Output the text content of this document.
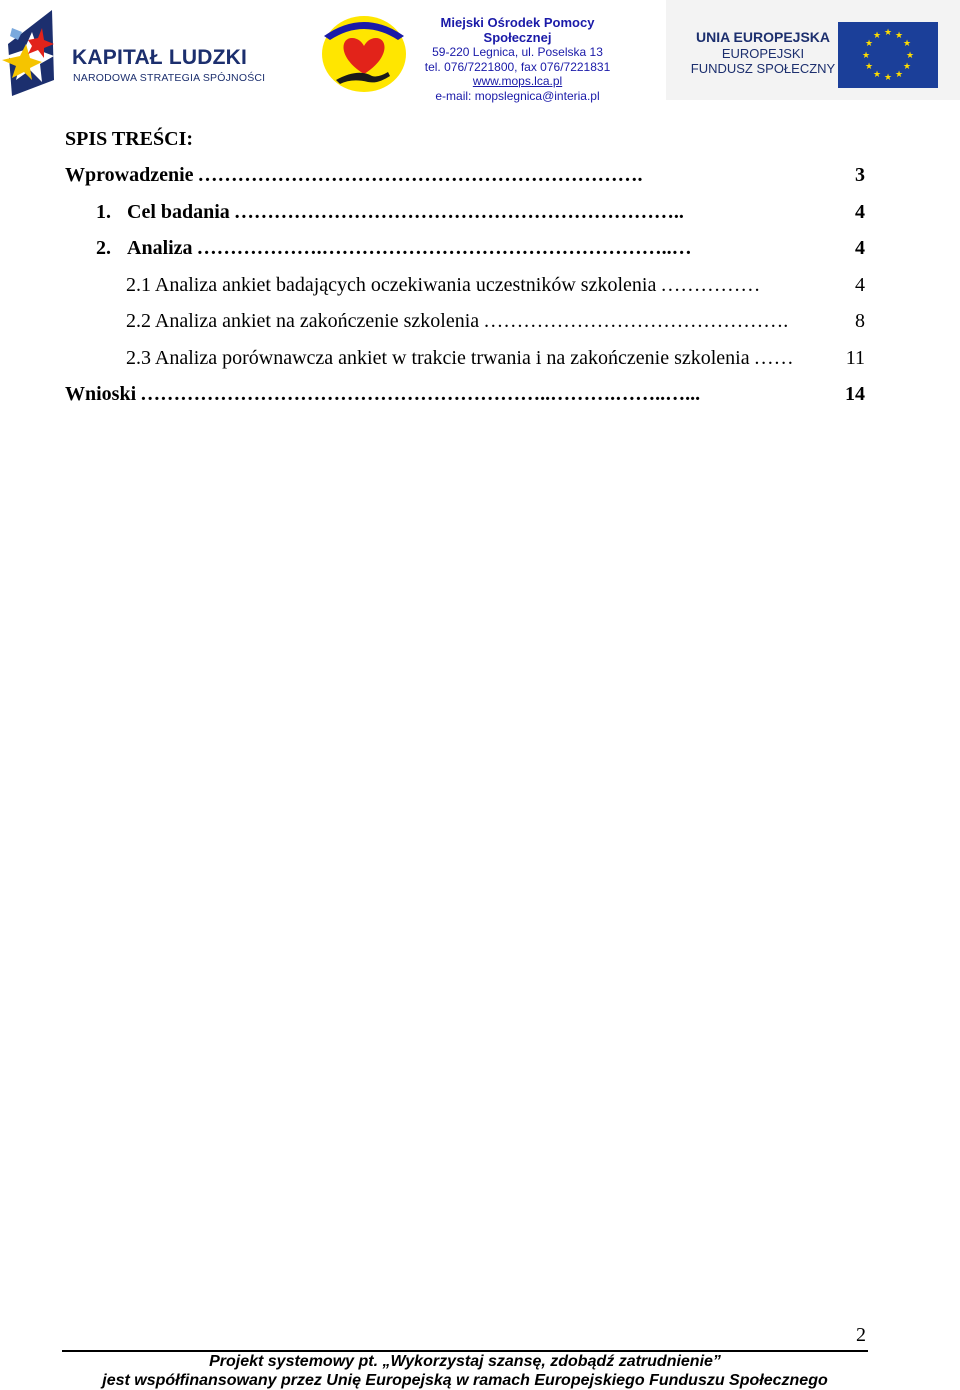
KAPITAŁ LUDZKI
NARODOWA STRATEGIA SPÓJNOŚCI
Miejski Ośrodek Pomocy Społecznej
59-220 Legnica, ul. Poselska 13
tel. 076/7221800, fax 076/7221831
www.mops.lca.pl
e-mail: mopslegnica@interia.pl
UNIA EUROPEJSKA
EUROPEJSKI
FUNDUSZ SPOŁECZNY
★ ★
★
★
★
★
★
★
★
★
★
★
SPIS TREŚCI:
Wprowadzenie ………………………………………………………….	3
1. Cel badania …………………………………………………………..	4
2. Analiza ……………….……………………………………………..…	4
2.1 Analiza ankiet badających oczekiwania uczestników szkolenia ……………	4
2.2 Analiza ankiet na zakończenie szkolenia ……………………………………….	8
2.3 Analiza porównawcza ankiet w trakcie trwania i na zakończenie szkolenia ……	11
Wnioski ……………………………………………………..……….……..…...	14
2
Projekt systemowy pt. „Wykorzystaj szansę, zdobądź zatrudnienie”
jest współfinansowany przez Unię Europejską w ramach Europejskiego Funduszu Społecznego
